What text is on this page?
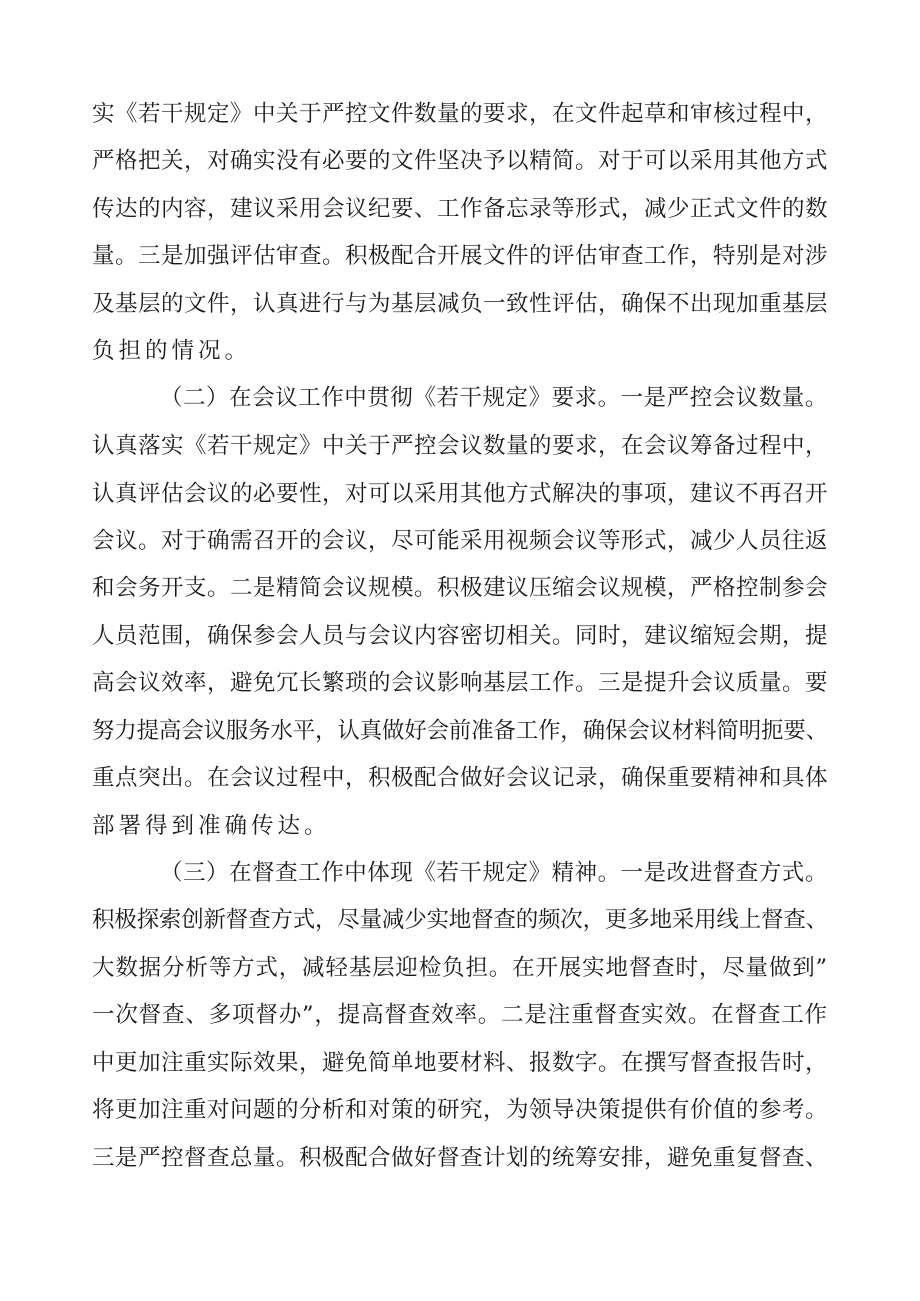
实《若干规定》中关于严控文件数量的要求，在文件起草和审核过程中，
严格把关，对确实没有必要的文件坚决予以精简。对于可以采用其他方式
传达的内容，建议采用会议纪要、工作备忘录等形式，减少正式文件的数
量。三是加强评估审查。积极配合开展文件的评估审查工作，特别是对涉
及基层的文件，认真进行与为基层减负一致性评估，确保不出现加重基层
负担的情况。
（二）在会议工作中贯彻《若干规定》要求。一是严控会议数量。
认真落实《若干规定》中关于严控会议数量的要求，在会议筹备过程中，
认真评估会议的必要性，对可以采用其他方式解决的事项，建议不再召开
会议。对于确需召开的会议，尽可能采用视频会议等形式，减少人员往返
和会务开支。二是精简会议规模。积极建议压缩会议规模，严格控制参会
人员范围，确保参会人员与会议内容密切相关。同时，建议缩短会期，提
高会议效率，避免冗长繁琐的会议影响基层工作。三是提升会议质量。要
努力提高会议服务水平，认真做好会前准备工作，确保会议材料简明扼要、
重点突出。在会议过程中，积极配合做好会议记录，确保重要精神和具体
部署得到准确传达。
（三）在督查工作中体现《若干规定》精神。一是改进督查方式。
积极探索创新督查方式，尽量减少实地督查的频次，更多地采用线上督查、
大数据分析等方式，减轻基层迎检负担。在开展实地督查时，尽量做到”
一次督查、多项督办”，提高督查效率。二是注重督查实效。在督查工作
中更加注重实际效果，避免简单地要材料、报数字。在撰写督查报告时，
将更加注重对问题的分析和对策的研究，为领导决策提供有价值的参考。
三是严控督查总量。积极配合做好督查计划的统筹安排，避免重复督查、
